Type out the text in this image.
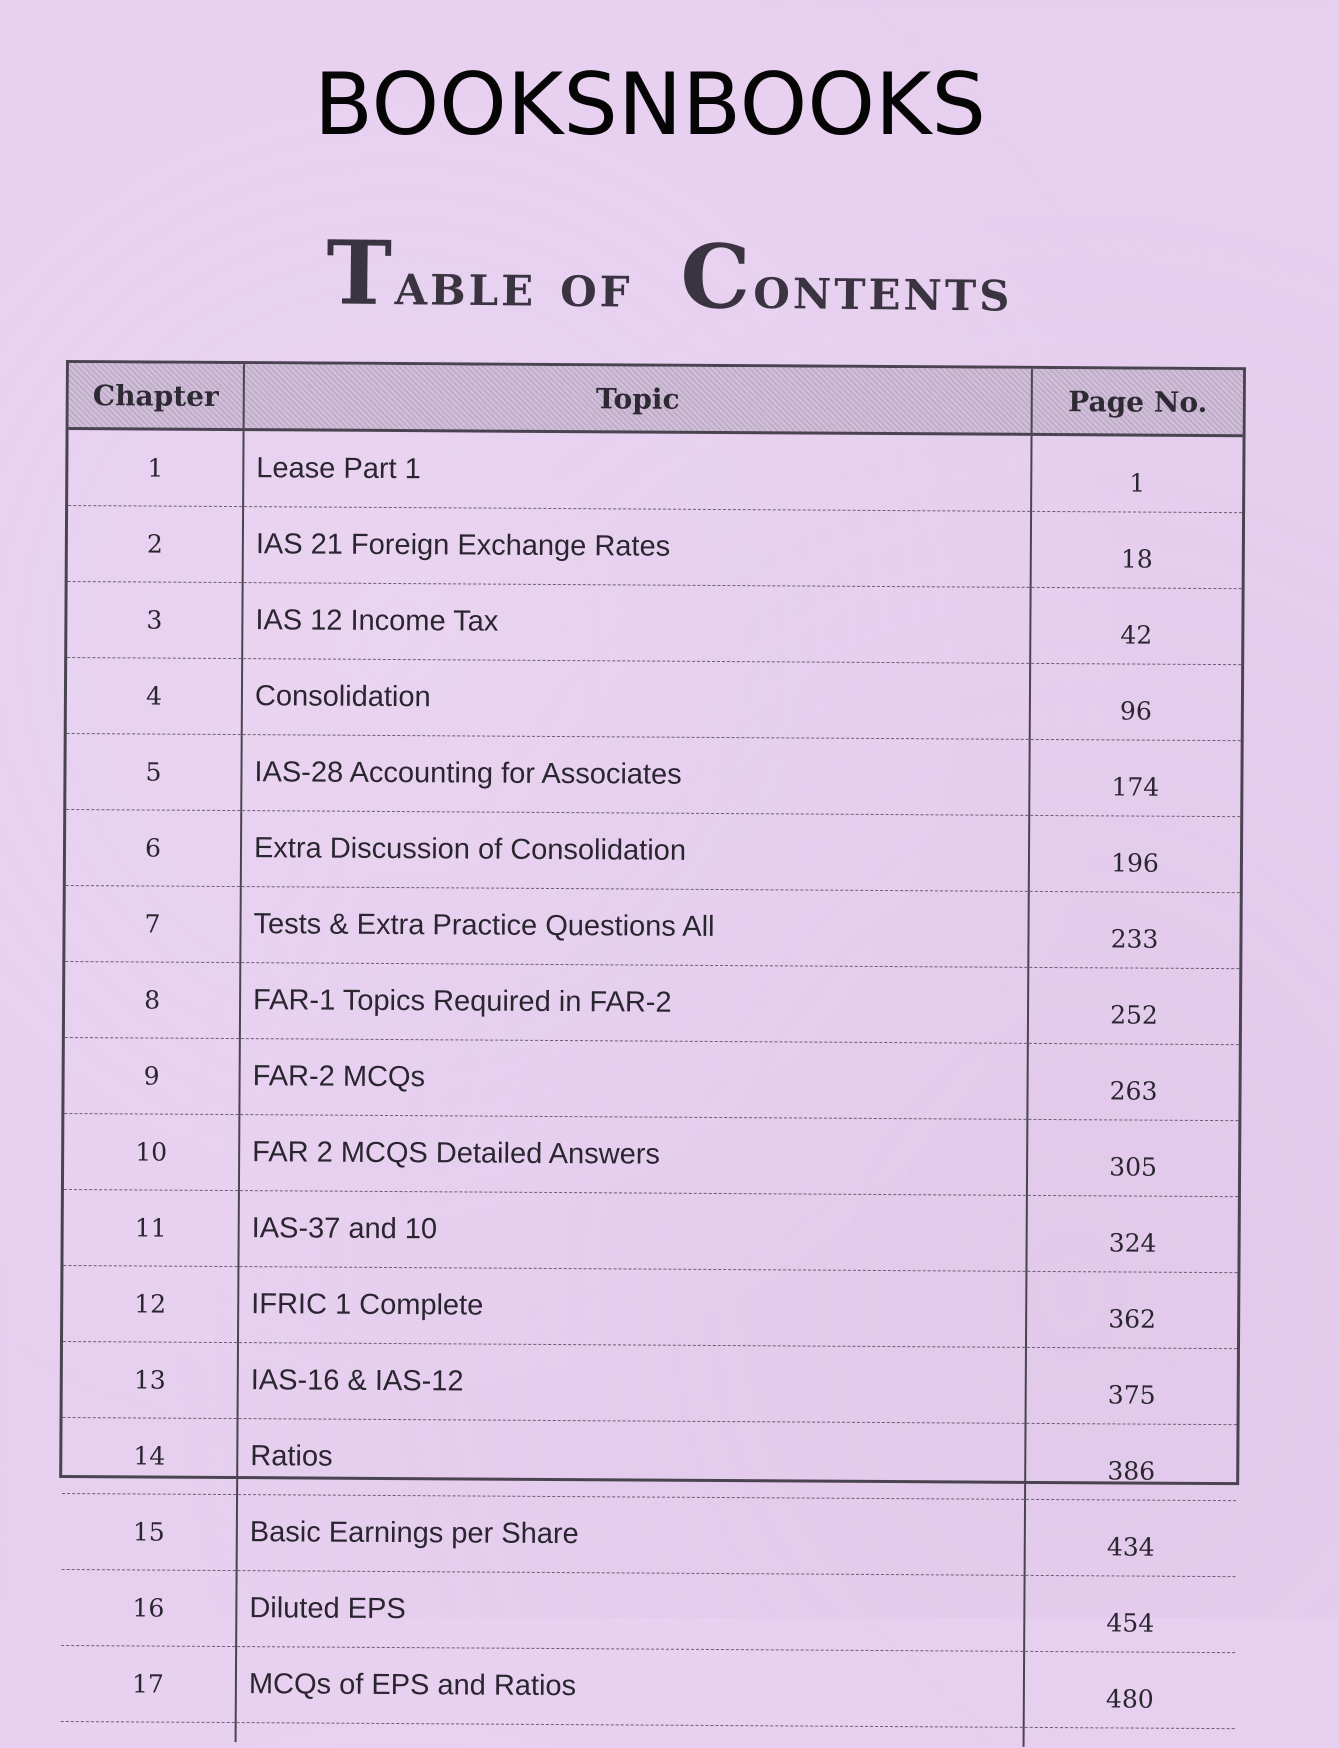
BOOKSNBOOKS
Table of Contents
Chapter	Topic	Page No.
1	Lease Part 1	1
2	IAS 21 Foreign Exchange Rates	18
3	IAS 12 Income Tax	42
4	Consolidation	96
5	IAS-28 Accounting for Associates	174
6	Extra Discussion of Consolidation	196
7	Tests & Extra Practice Questions All	233
8	FAR-1 Topics Required in FAR-2	252
9	FAR-2 MCQs	263
10	FAR 2 MCQS Detailed Answers	305
11	IAS-37 and 10	324
12	IFRIC 1 Complete	362
13	IAS-16 & IAS-12	375
14	Ratios	386
15	Basic Earnings per Share	434
16	Diluted EPS	454
17	MCQs of EPS and Ratios	480
